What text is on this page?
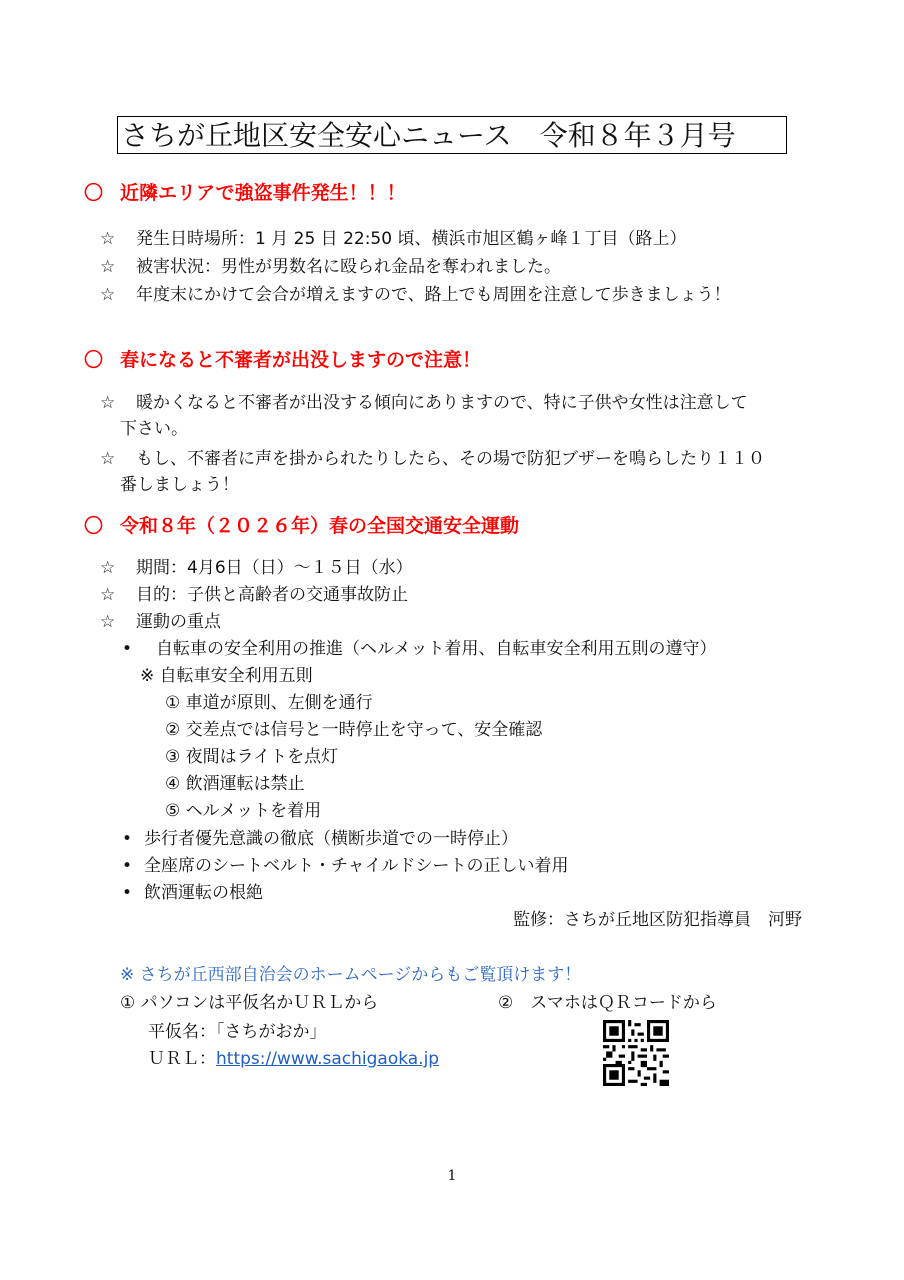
さちが丘地区安全安心ニュース　令和８年３月号
〇 近隣エリアで強盗事件発生！！！
☆ 発生日時場所：1 月 25 日 22:50 頃、横浜市旭区鶴ヶ峰１丁目（路上）
☆ 被害状況：男性が男数名に殴られ金品を奪われました。
☆ 年度末にかけて会合が増えますので、路上でも周囲を注意して歩きましょう！
〇 春になると不審者が出没しますので注意！
☆ 暖かくなると不審者が出没する傾向にありますので、特に子供や女性は注意して
下さい。
☆ もし、不審者に声を掛かられたりしたら、その場で防犯ブザーを鳴らしたり１１０
番しましょう！
〇 令和８年（２０２６年）春の全国交通安全運動
☆ 期間：4月6日（日）～１５日（水）
☆ 目的：子供と高齢者の交通事故防止
☆ 運動の重点
• 自転車の安全利用の推進（ヘルメット着用、自転車安全利用五則の遵守）
※ 自転車安全利用五則
① 車道が原則、左側を通行
② 交差点では信号と一時停止を守って、安全確認
③ 夜間はライトを点灯
④ 飲酒運転は禁止
⑤ ヘルメットを着用
• 歩行者優先意識の徹底（横断歩道での一時停止）
• 全座席のシートベルト・チャイルドシートの正しい着用
• 飲酒運転の根絶
監修：さちが丘地区防犯指導員　河野
※ さちが丘西部自治会のホームページからもご覧頂けます！
① パソコンは平仮名かＵＲＬから	②　スマホはＱＲコードから
平仮名：「さちがおか」
ＵＲＬ：https://www.sachigaoka.jp
1
